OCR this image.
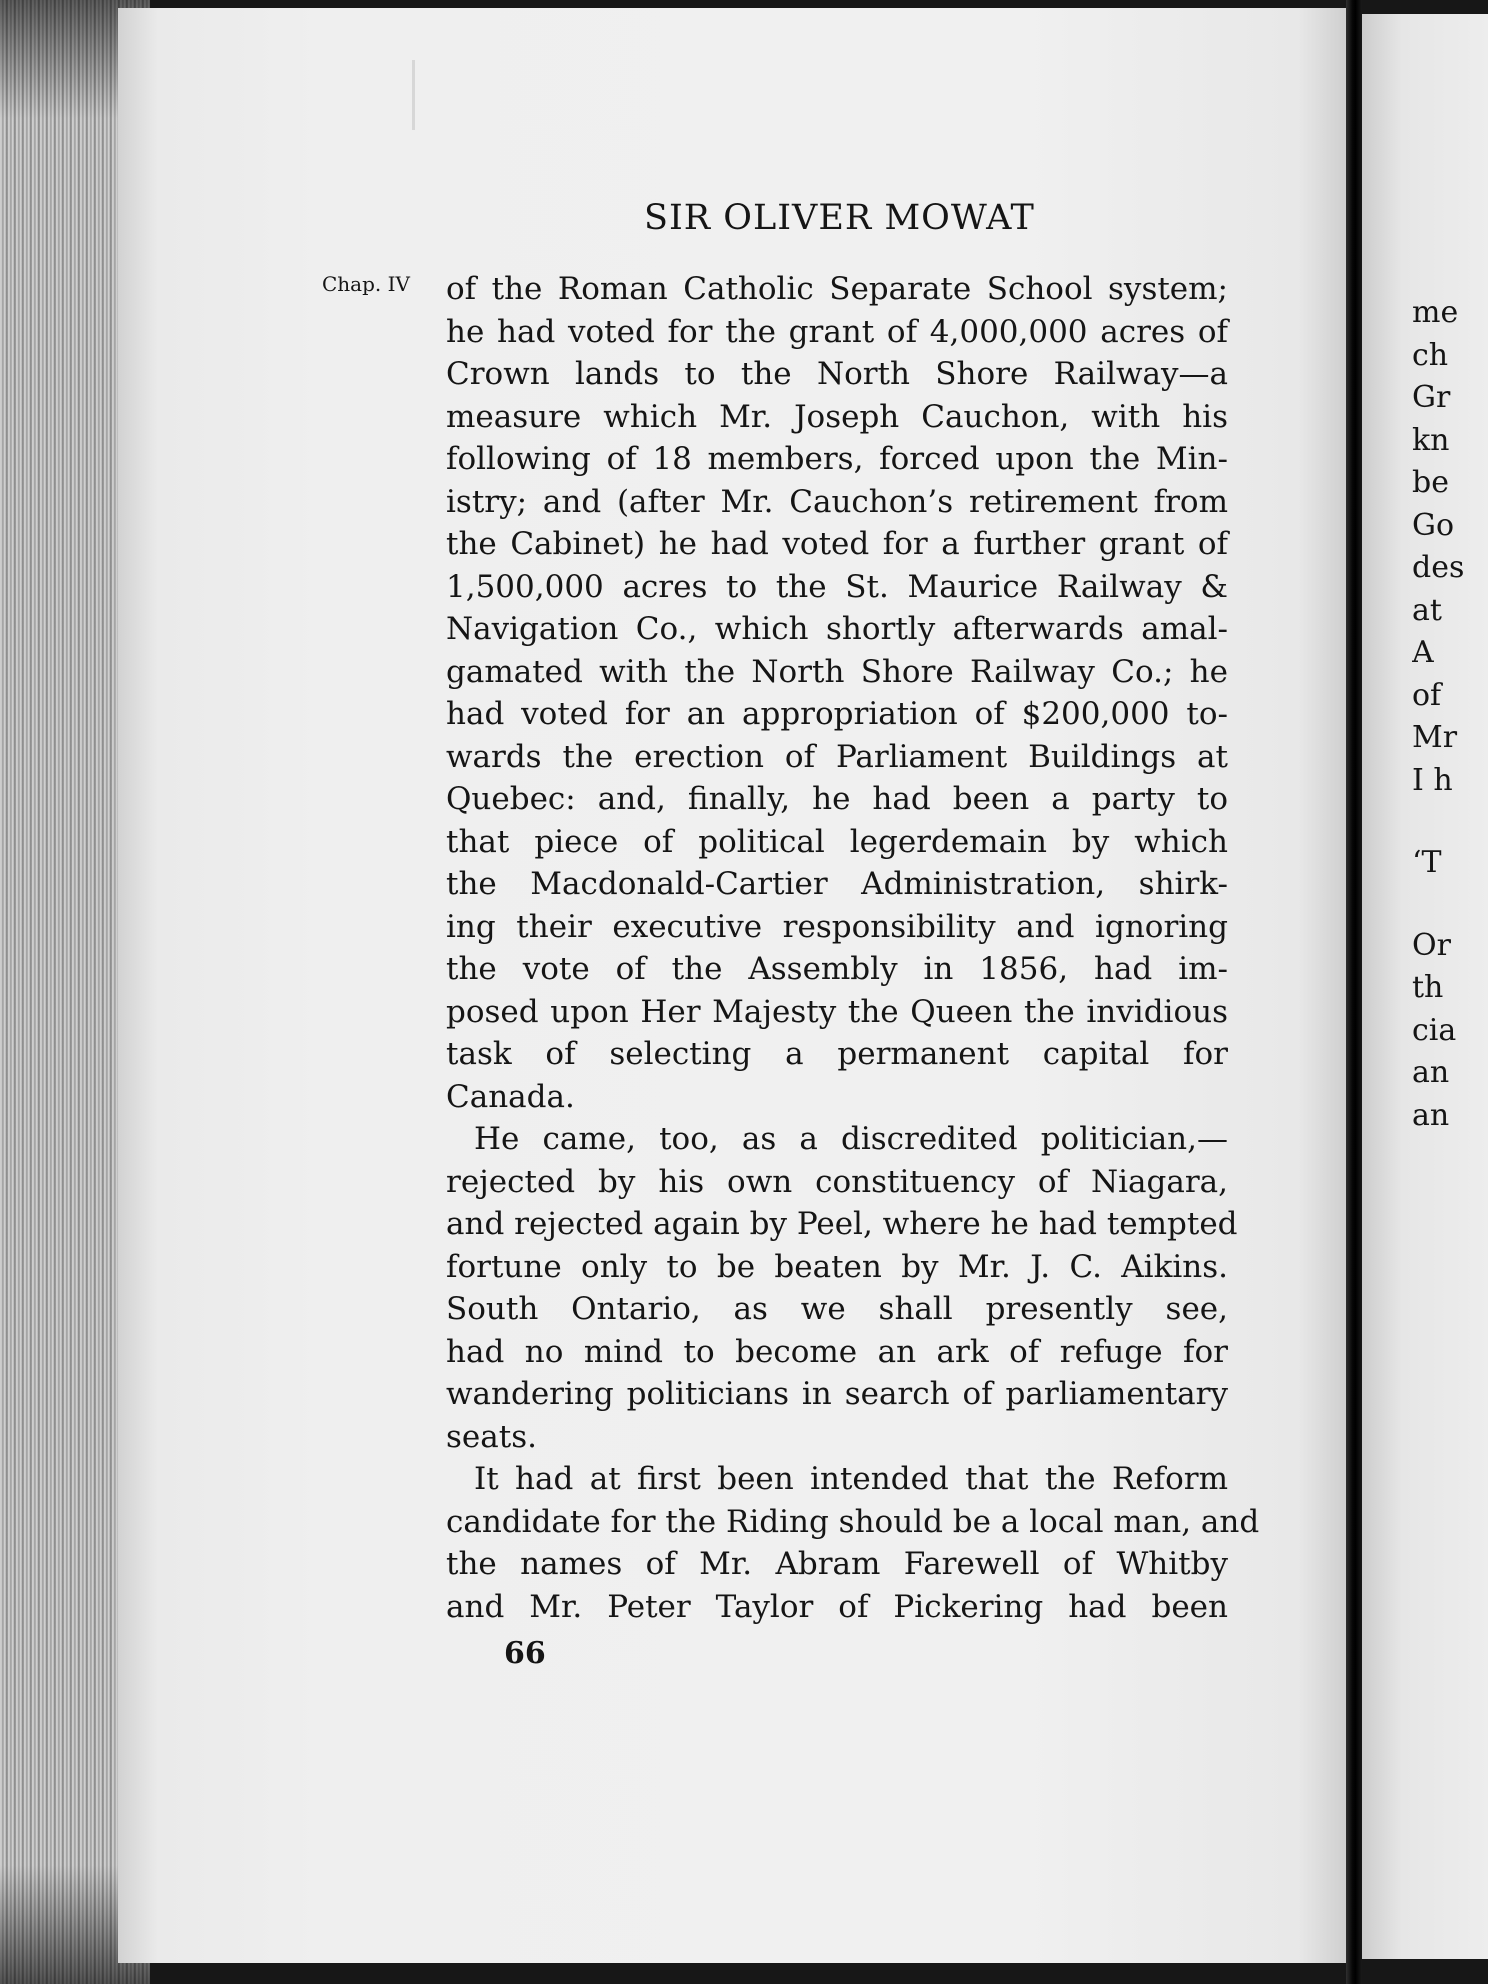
SIR OLIVER MOWAT
Chap. IV of the Roman Catholic Separate School system;
he had voted for the grant of 4,000,000 acres of
Crown lands to the North Shore Railway—a
measure which Mr. Joseph Cauchon, with his
following of 18 members, forced upon the Min-
istry; and (after Mr. Cauchon’s retirement from
the Cabinet) he had voted for a further grant of
1,500,000 acres to the St. Maurice Railway &
Navigation Co., which shortly afterwards amal-
gamated with the North Shore Railway Co.; he
had voted for an appropriation of $200,000 to-
wards the erection of Parliament Buildings at
Quebec: and, finally, he had been a party to
that piece of political legerdemain by which
the Macdonald-Cartier Administration, shirk-
ing their executive responsibility and ignoring
the vote of the Assembly in 1856, had im-
posed upon Her Majesty the Queen the invidious
task of selecting a permanent capital for
Canada.
He came, too, as a discredited politician,—
rejected by his own constituency of Niagara,
and rejected again by Peel, where he had tempted
fortune only to be beaten by Mr. J. C. Aikins.
South Ontario, as we shall presently see,
had no mind to become an ark of refuge for
wandering politicians in search of parliamentary
seats.
It had at first been intended that the Reform
candidate for the Riding should be a local man, and
the names of Mr. Abram Farewell of Whitby
and Mr. Peter Taylor of Pickering had been
66
me
ch
Gr
kn
be
Go
des
at
A
of
Mr
I h
‘T
Or
th
cia
an
an
